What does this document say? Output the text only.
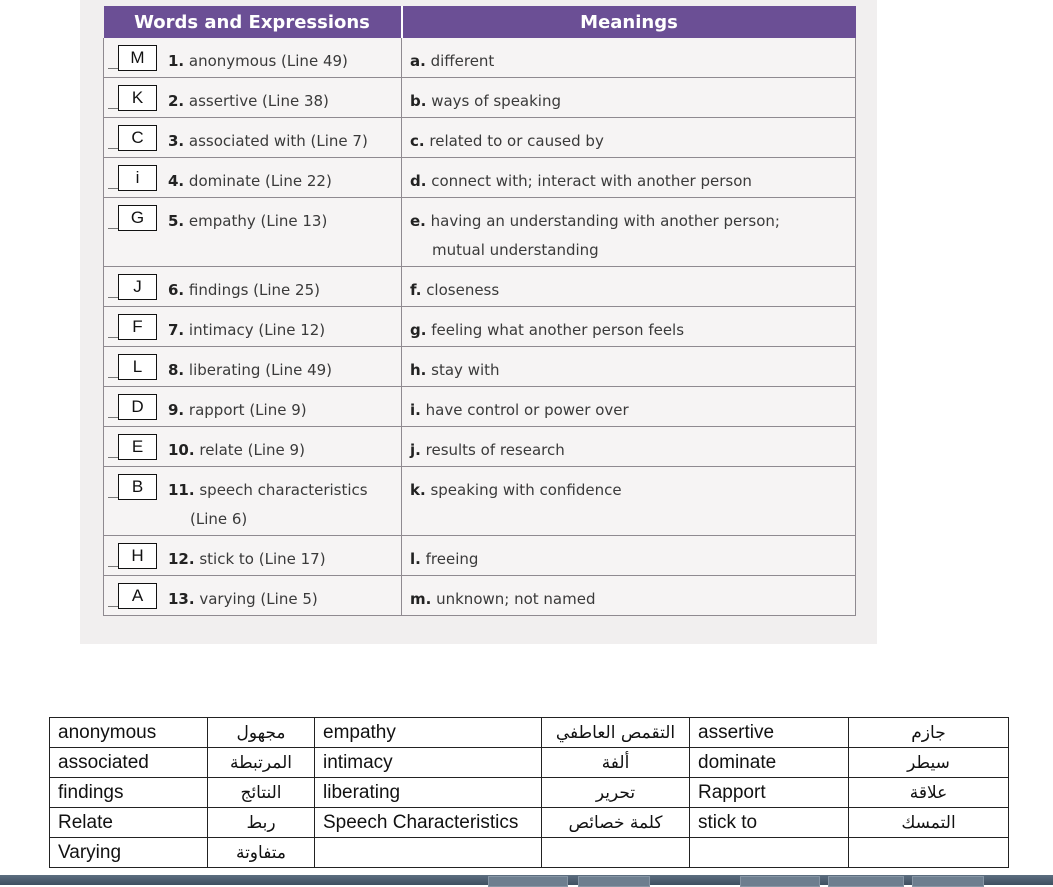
Words and Expressions	Meanings

M 1. anonymous (Line 49)	a. different

K 2. assertive (Line 38)	b. ways of speaking

C 3. associated with (Line 7)	c. related to or caused by

i 4. dominate (Line 22)	d. connect with; interact with another person

G 5. empathy (Line 13)	e. having an understanding with another person;
mutual understanding

J 6. findings (Line 25)	f. closeness

F 7. intimacy (Line 12)	g. feeling what another person feels

L 8. liberating (Line 49)	h. stay with

D 9. rapport (Line 9)	i. have control or power over

E 10. relate (Line 9)	j. results of research

B 11. speech characteristics
(Line 6)	k. speaking with confidence

H 12. stick to (Line 17)	l. freeing

A 13. varying (Line 5)	m. unknown; not named
anonymous	مجهول	empathy	التقمص العاطفي	assertive	جازم
associated	المرتبطة	intimacy	ألفة	dominate	سيطر
findings	النتائج	liberating	تحرير	Rapport	علاقة
Relate	ربط	Speech Characteristics	كلمة خصائص	stick to	التمسك
Varying	متفاوتة				
